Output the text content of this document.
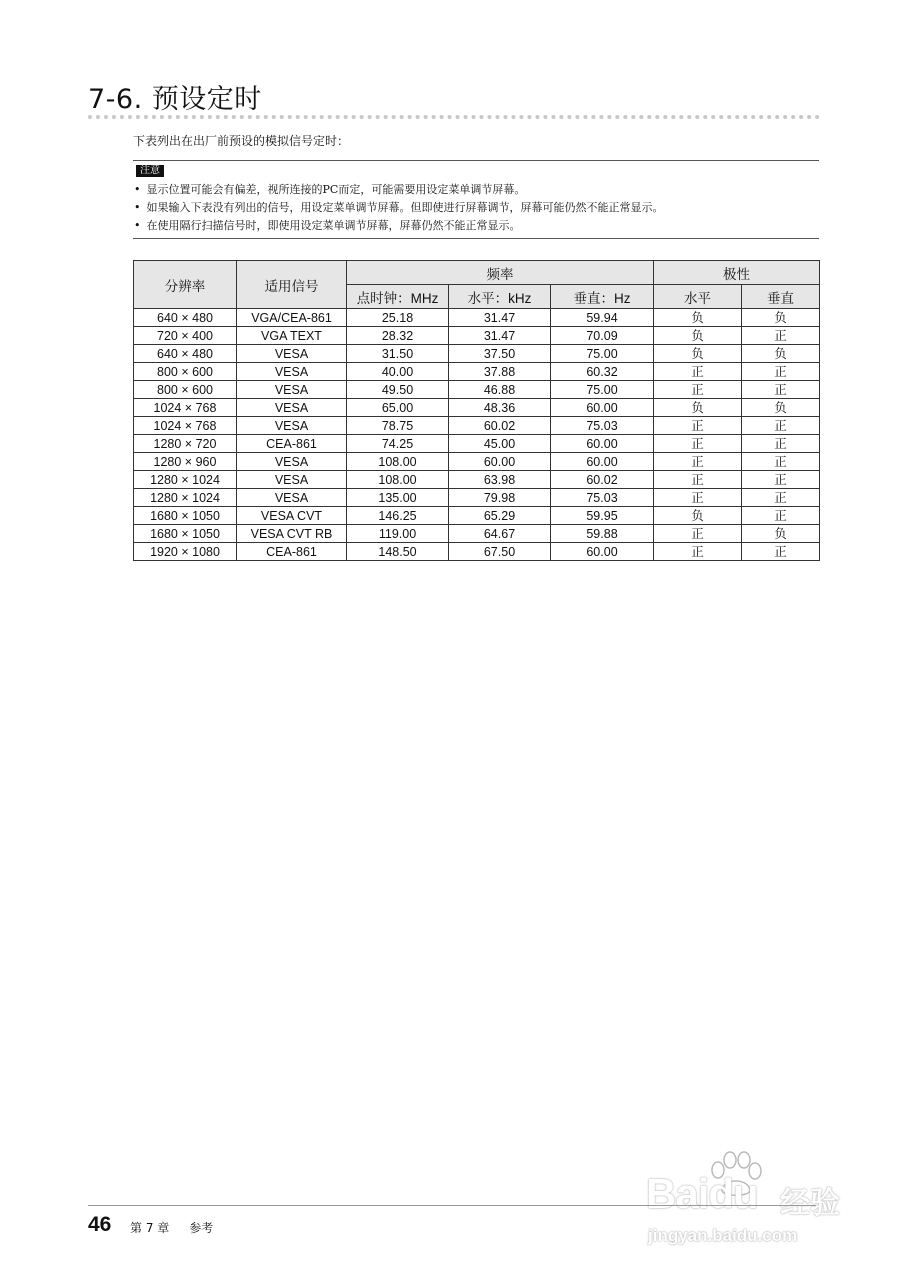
7-6. 预设定时
下表列出在出厂前预设的模拟信号定时：
注意
• 显示位置可能会有偏差，视所连接的PC而定，可能需要用设定菜单调节屏幕。
• 如果输入下表没有列出的信号，用设定菜单调节屏幕。但即使进行屏幕调节，屏幕可能仍然不能正常显示。
• 在使用隔行扫描信号时，即使用设定菜单调节屏幕，屏幕仍然不能正常显示。
分辨率	适用信号	频率			极性	
		点时钟：MHz	水平：kHz	垂直：Hz	水平	垂直
640 × 480	VGA/CEA-861	25.18	31.47	59.94	负	负
720 × 400	VGA TEXT	28.32	31.47	70.09	负	正
640 × 480	VESA	31.50	37.50	75.00	负	负
800 × 600	VESA	40.00	37.88	60.32	正	正
800 × 600	VESA	49.50	46.88	75.00	正	正
1024 × 768	VESA	65.00	48.36	60.00	负	负
1024 × 768	VESA	78.75	60.02	75.03	正	正
1280 × 720	CEA-861	74.25	45.00	60.00	正	正
1280 × 960	VESA	108.00	60.00	60.00	正	正
1280 × 1024	VESA	108.00	63.98	60.02	正	正
1280 × 1024	VESA	135.00	79.98	75.03	正	正
1680 × 1050	VESA CVT	146.25	65.29	59.95	负	正
1680 × 1050	VESA CVT RB	119.00	64.67	59.88	正	负
1920 × 1080	CEA-861	148.50	67.50	60.00	正	正
Baidu 经验
jingyan.baidu.com
46 第 7 章 参考
